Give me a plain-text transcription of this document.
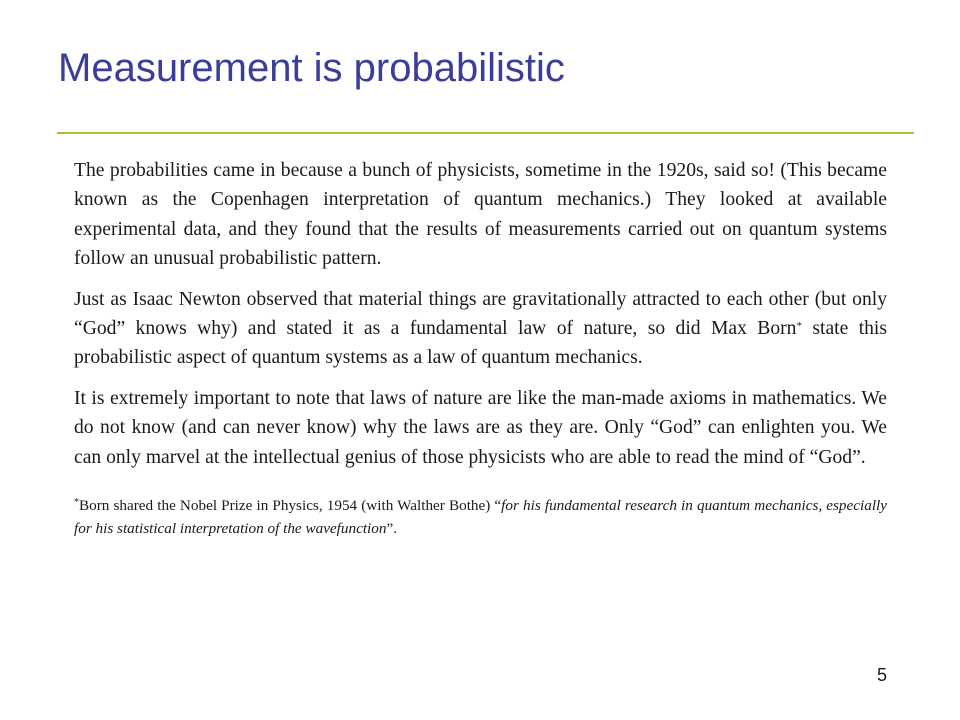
Measurement is probabilistic

The probabilities came in because a bunch of physicists, sometime in the 1920s, said so! (This became known as the Copenhagen interpretation of quantum mechanics.) They looked at available experimental data, and they found that the results of measurements carried out on quantum systems follow an unusual probabilistic pattern.

Just as Isaac Newton observed that material things are gravitationally attracted to each other (but only “God” knows why) and stated it as a fundamental law of nature, so did Max Born* state this probabilistic aspect of quantum systems as a law of quantum mechanics.

It is extremely important to note that laws of nature are like the man-made axioms in mathematics. We do not know (and can never know) why the laws are as they are. Only “God” can enlighten you. We can only marvel at the intellectual genius of those physicists who are able to read the mind of “God”.

*Born shared the Nobel Prize in Physics, 1954 (with Walther Bothe) “for his fundamental research in quantum mechanics, especially for his statistical interpretation of the wavefunction”.

5
